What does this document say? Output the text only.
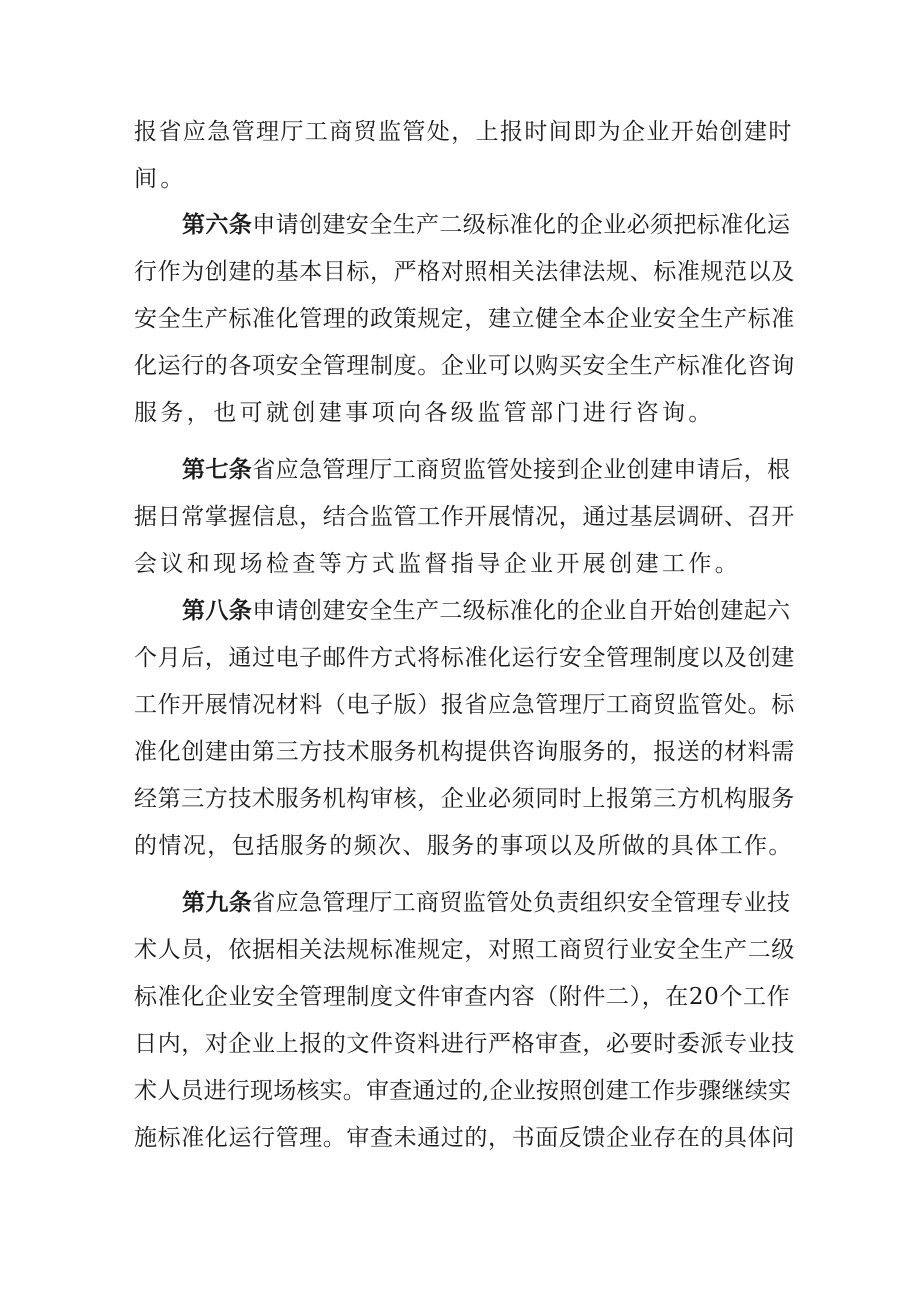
报省应急管理厅工商贸监管处，上报时间即为企业开始创建时
间。
第六条申请创建安全生产二级标准化的企业必须把标准化运
行作为创建的基本目标，严格对照相关法律法规、标准规范以及
安全生产标准化管理的政策规定，建立健全本企业安全生产标准
化运行的各项安全管理制度。企业可以购买安全生产标准化咨询
服务，也可就创建事项向各级监管部门进行咨询。
第七条省应急管理厅工商贸监管处接到企业创建申请后，根
据日常掌握信息，结合监管工作开展情况，通过基层调研、召开
会议和现场检查等方式监督指导企业开展创建工作。
第八条申请创建安全生产二级标准化的企业自开始创建起六
个月后，通过电子邮件方式将标准化运行安全管理制度以及创建
工作开展情况材料（电子版）报省应急管理厅工商贸监管处。标
准化创建由第三方技术服务机构提供咨询服务的，报送的材料需
经第三方技术服务机构审核，企业必须同时上报第三方机构服务
的情况，包括服务的频次、服务的事项以及所做的具体工作。
第九条省应急管理厅工商贸监管处负责组织安全管理专业技
术人员，依据相关法规标准规定，对照工商贸行业安全生产二级
标准化企业安全管理制度文件审查内容（附件二），在20个工作
日内，对企业上报的文件资料进行严格审查，必要时委派专业技
术人员进行现场核实。审查通过的,企业按照创建工作步骤继续实
施标准化运行管理。审查未通过的，书面反馈企业存在的具体问
